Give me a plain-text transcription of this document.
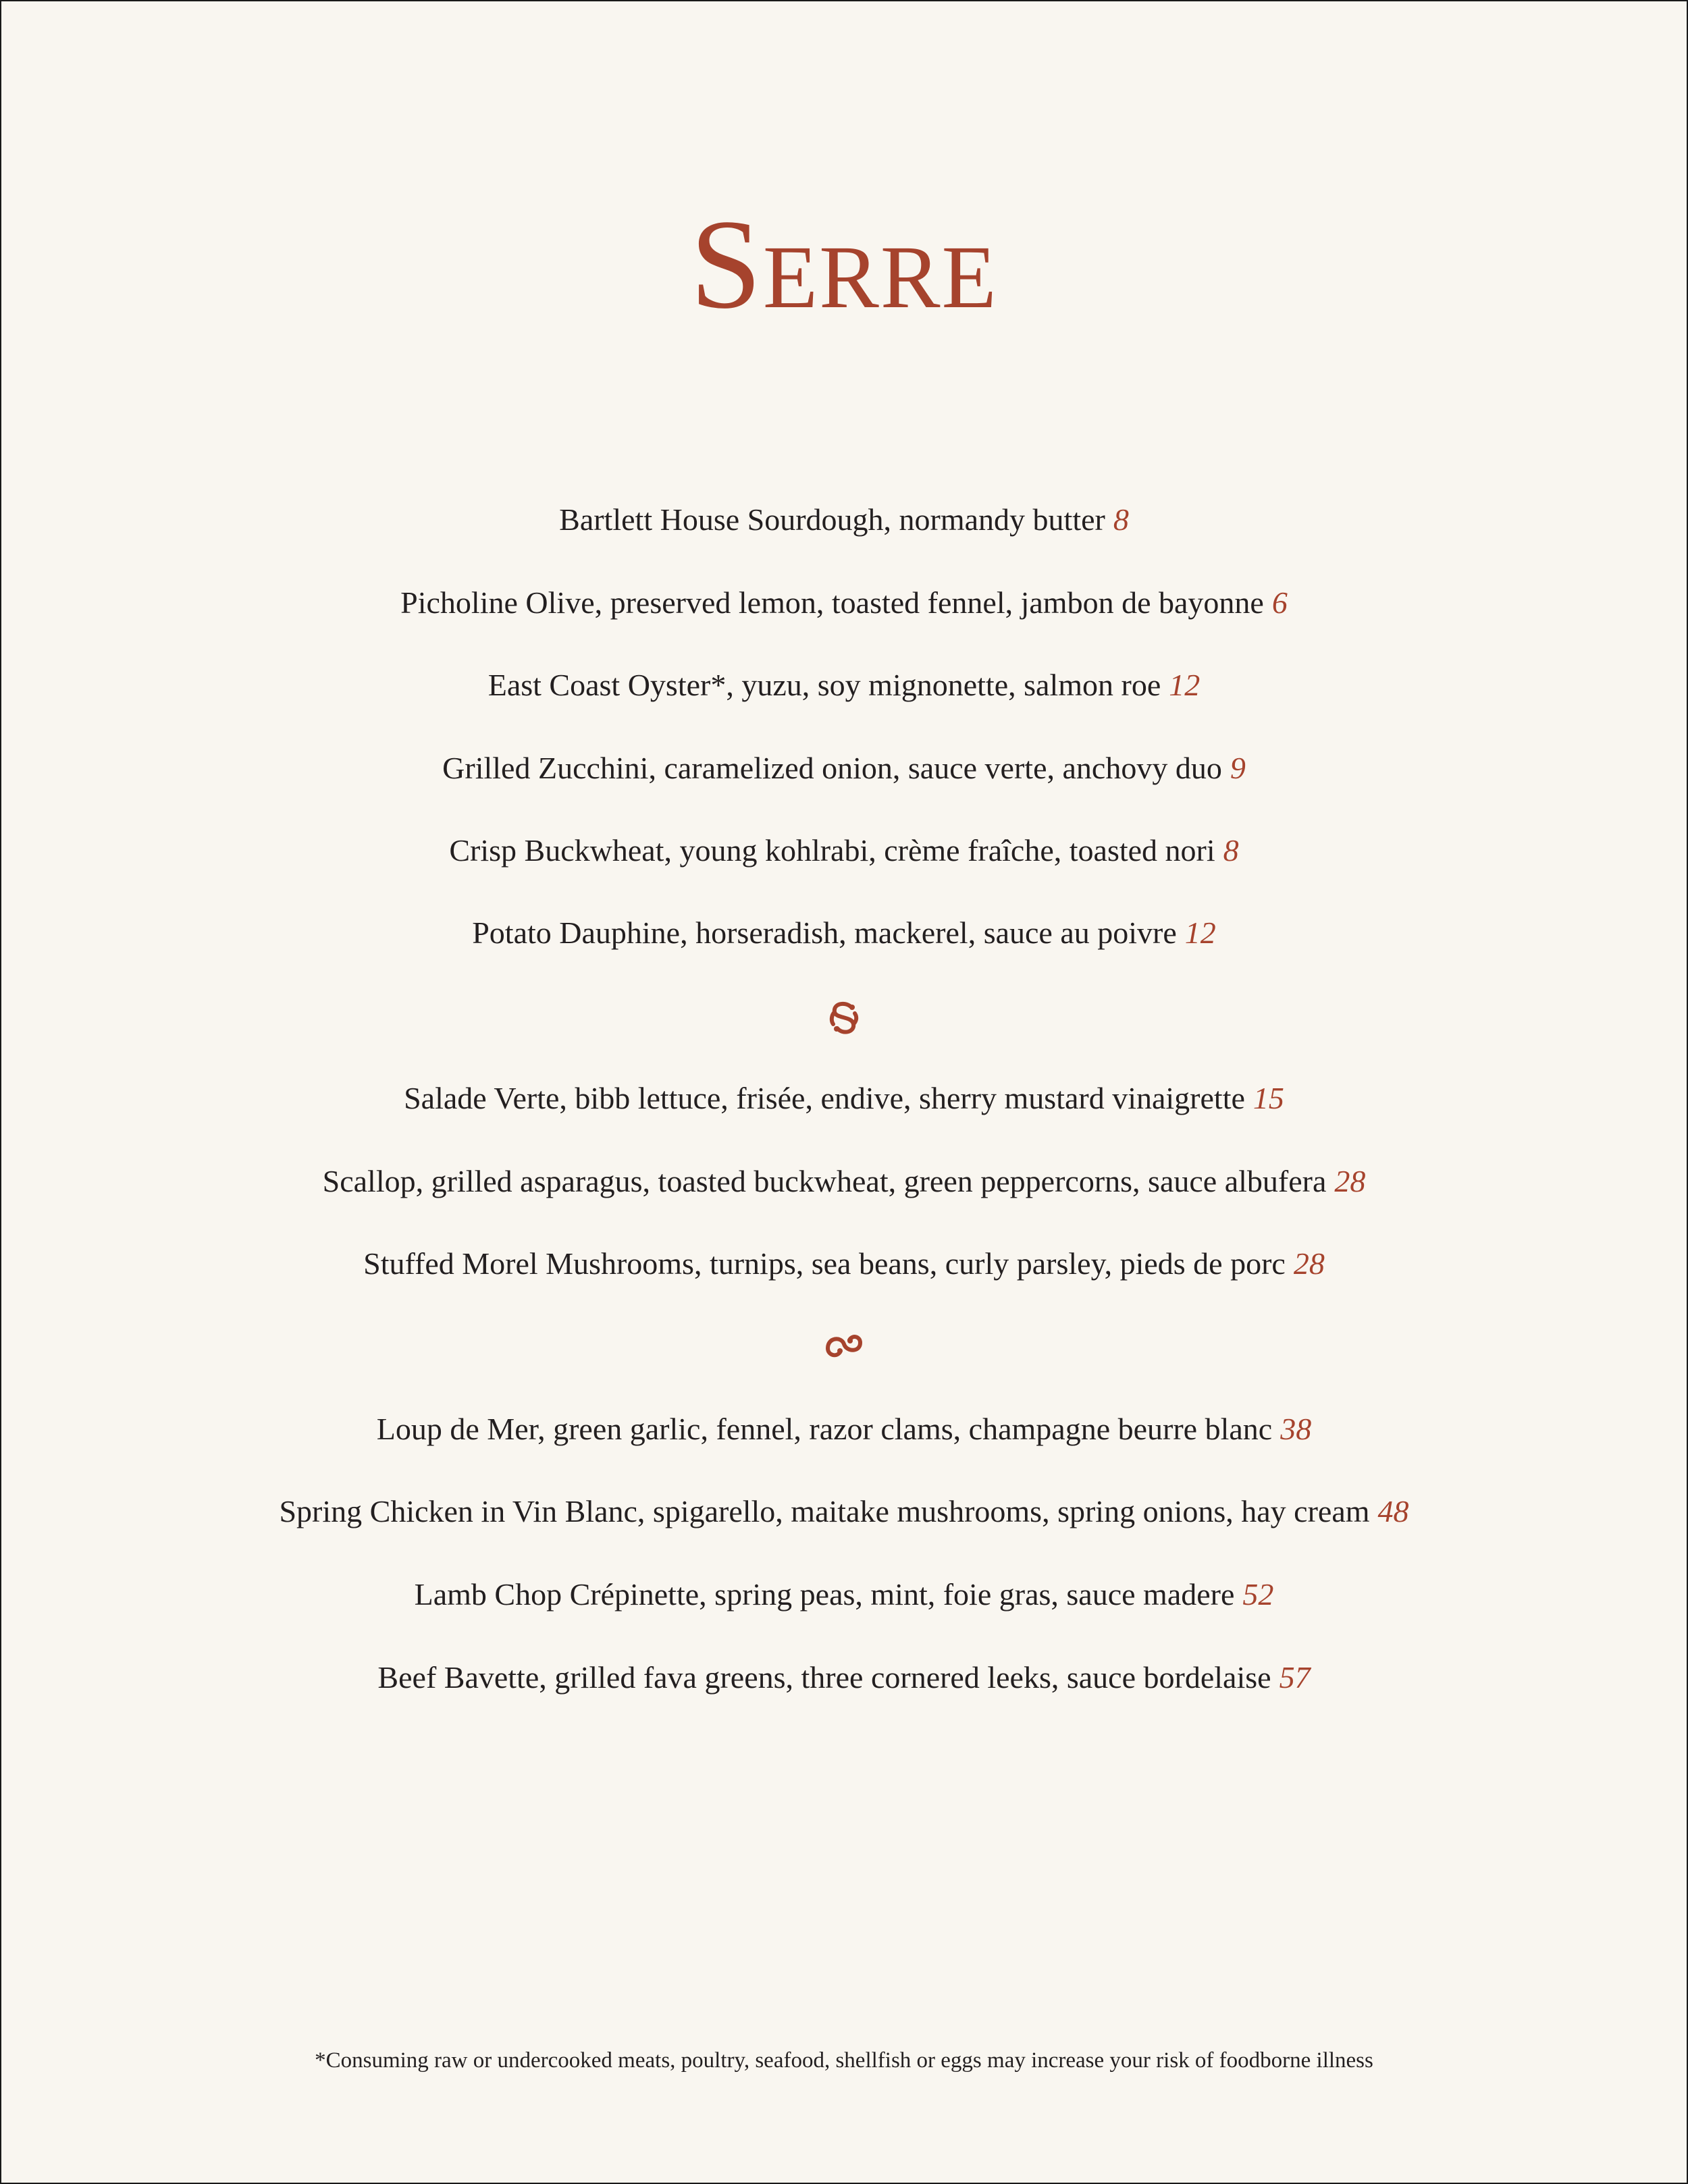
Serre
Bartlett House Sourdough, normandy butter 8
Picholine Olive, preserved lemon, toasted fennel, jambon de bayonne 6
East Coast Oyster*, yuzu, soy mignonette, salmon roe 12
Grilled Zucchini, caramelized onion, sauce verte, anchovy duo 9
Crisp Buckwheat, young kohlrabi, crème fraîche, toasted nori 8
Potato Dauphine, horseradish, mackerel, sauce au poivre 12
Salade Verte, bibb lettuce, frisée, endive, sherry mustard vinaigrette 15
Scallop, grilled asparagus, toasted buckwheat, green peppercorns, sauce albufera 28
Stuffed Morel Mushrooms, turnips, sea beans, curly parsley, pieds de porc 28
Loup de Mer, green garlic, fennel, razor clams, champagne beurre blanc 38
Spring Chicken in Vin Blanc, spigarello, maitake mushrooms, spring onions, hay cream 48
Lamb Chop Crépinette, spring peas, mint, foie gras, sauce madere 52
Beef Bavette, grilled fava greens, three cornered leeks, sauce bordelaise 57
*Consuming raw or undercooked meats, poultry, seafood, shellfish or eggs may increase your risk of foodborne illness
